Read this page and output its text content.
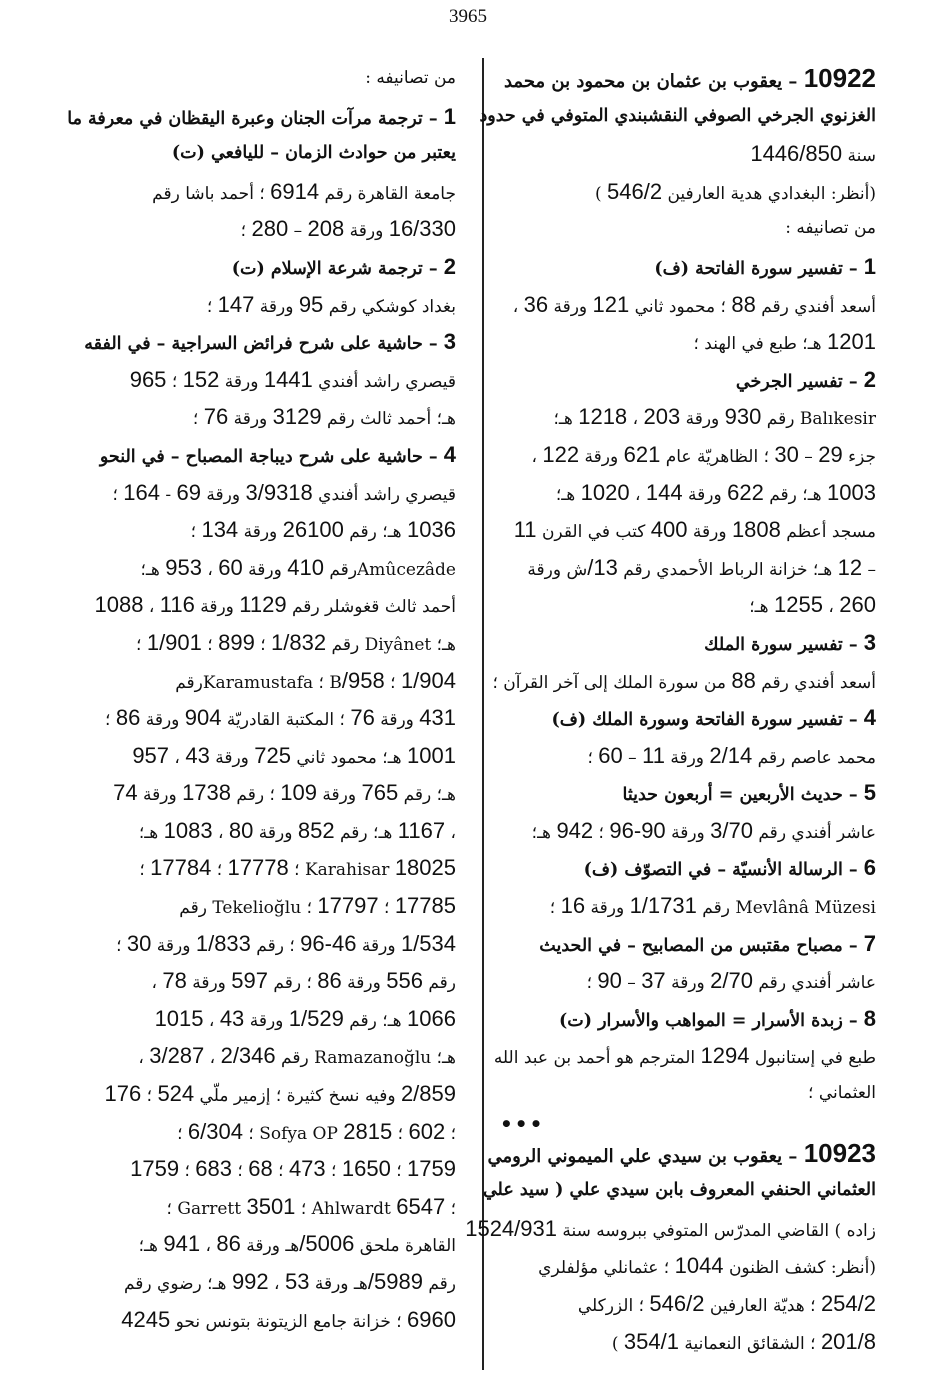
3965
10922 – يعقوب بن عثمان بن محمود بن محمد
الغزنوي الجرخي الصوفي النقشبندي المتوفي في حدود
سنة 1446/850
(أنظر: البغدادي هدية العارفين 546/2 )
من تصانيفه :
1 – تفسير سورة الفاتحة (ف)
أسعد أفندي رقم 88 ؛ محمود ثاني 121 ورقة 36 ،
1201 هـ؛ طبع في الهند ؛
2 – تفسير الجرخي
Balıkesir رقم 930 ورقة 203 ، 1218 هـ؛
جزء 29 – 30 ؛ الظاهريّة عام 621 ورقة 122 ،
1003 هـ؛ رقم 622 ورقة 144 ، 1020 هـ؛
مسجد أعظم 1808 ورقة 400 كتب في القرن 11
– 12 هـ؛ خزانة الرباط الأحمدي رقم 13/ش ورقة
260 ، 1255 هـ؛
3 – تفسير سورة الملك
أسعد أفندي رقم 88 من سورة الملك إلى آخر القرآن ؛
4 – تفسير سورة الفاتحة وسورة الملك (ف)
محمد عاصم رقم 2/14 ورقة 11 – 60 ؛
5 – حديث الأربعين = أربعون حديثا
عاشر أفندي رقم 3/70 ورقة 90-96 ؛ 942 هـ؛
6 – الرسالة الأنسيّة – في التصوّف (ف)
Mevlânâ Müzesi رقم 1/1731 ورقة 16 ؛
7 – مصباح مقتبس من المصابيح – في الحديث
عاشر أفندي رقم 2/70 ورقة 37 – 90 ؛
8 – زبدة الأسرار = المواهب والأسرار (ت)
طبع في إستانبول 1294 المترجم هو أحمد بن عبد الله
العثماني ؛
•••
10923 – يعقوب بن سيدي علي الميموني الرومي
العثماني الحنفي المعروف بابن سيدي علي ( سيد علي
زاده ) القاضي المدرّس المتوفي ببروسه سنة 1524/931
(أنظر: كشف الظنون 1044 ؛ عثمانلي مؤلفلري
254/2 ؛ هديّة العارفين 546/2 ؛ الزركلي
201/8 ؛ الشقائق النعمانية 354/1 )
من تصانيفه :
1 – ترجمة مرآت الجنان وعبرة اليقظان في معرفة ما
يعتبر من حوادث الزمان – لليافعي (ت)
جامعة القاهرة رقم 6914 ؛ أحمد باشا رقم
16/330 ورقة 208 – 280 ؛
2 – ترجمة شرعة الإسلام (ت)
بغداد كوشكي رقم 95 ورقة 147 ؛
3 – حاشية على شرح فرائض السراجية – في الفقه
قيصري راشد أفندي 1441 ورقة 152 ؛ 965
هـ؛ أحمد ثالث رقم 3129 ورقة 76 ؛
4 – حاشية على شرح ديباجة المصباح – في النحو
قيصري راشد أفندي 3/9318 ورقة 69 - 164 ؛
1036 هـ؛ رقم 26100 ورقة 134 ؛
Amûcezâdeرقم 410 ورقة 60 ، 953 هـ؛
أحمد ثالث قغوشلر رقم 1129 ورقة 116 ، 1088
هـ؛ Diyânet رقم 1/832 ؛ 899 ؛ 1/901 ؛
1/904 ؛ 958/B ؛ Karamustafaرقم
431 ورقة 76 ؛ المكتبة القادريّة 904 ورقة 86 ؛
1001 هـ؛ محمود ثاني 725 ورقة 43 ، 957
هـ؛ رقم 765 ورقة 109 ؛ رقم 1738 ورقة 74
، 1167 هـ؛ رقم 852 ورقة 80 ، 1083 هـ؛
Karahisar 18025 ؛ 17778 ؛ 17784 ؛
17785 ؛ 17797 ؛ Tekelioğlu رقم
1/534 ورقة 46-96 ؛ رقم 1/833 ورقة 30 ؛
رقم 556 ورقة 86 ؛ رقم 597 ورقة 78 ،
1066 هـ؛ رقم 1/529 ورقة 43 ، 1015
هـ؛ Ramazanoğlu رقم 2/346 ، 3/287 ،
2/859 وفيه نسخ كثيرة ؛ إزمير ملّي 524 ؛ 176
؛ 602 ؛ Sofya OP 2815 ؛ 6/304 ؛
1759 ؛ 1650 ؛ 473 ؛ 68 ؛ 683 ؛ 1759
؛ Ahlwardt 6547 ؛ Garrett 3501 ؛
القاهرة ملحق 5006/هـ ورقة 86 ، 941 هـ؛
رقم 5989/هـ ورقة 53 ، 992 هـ؛ رضوي رقم
6960 ؛ خزانة جامع الزيتونة بتونس نحو 4245
